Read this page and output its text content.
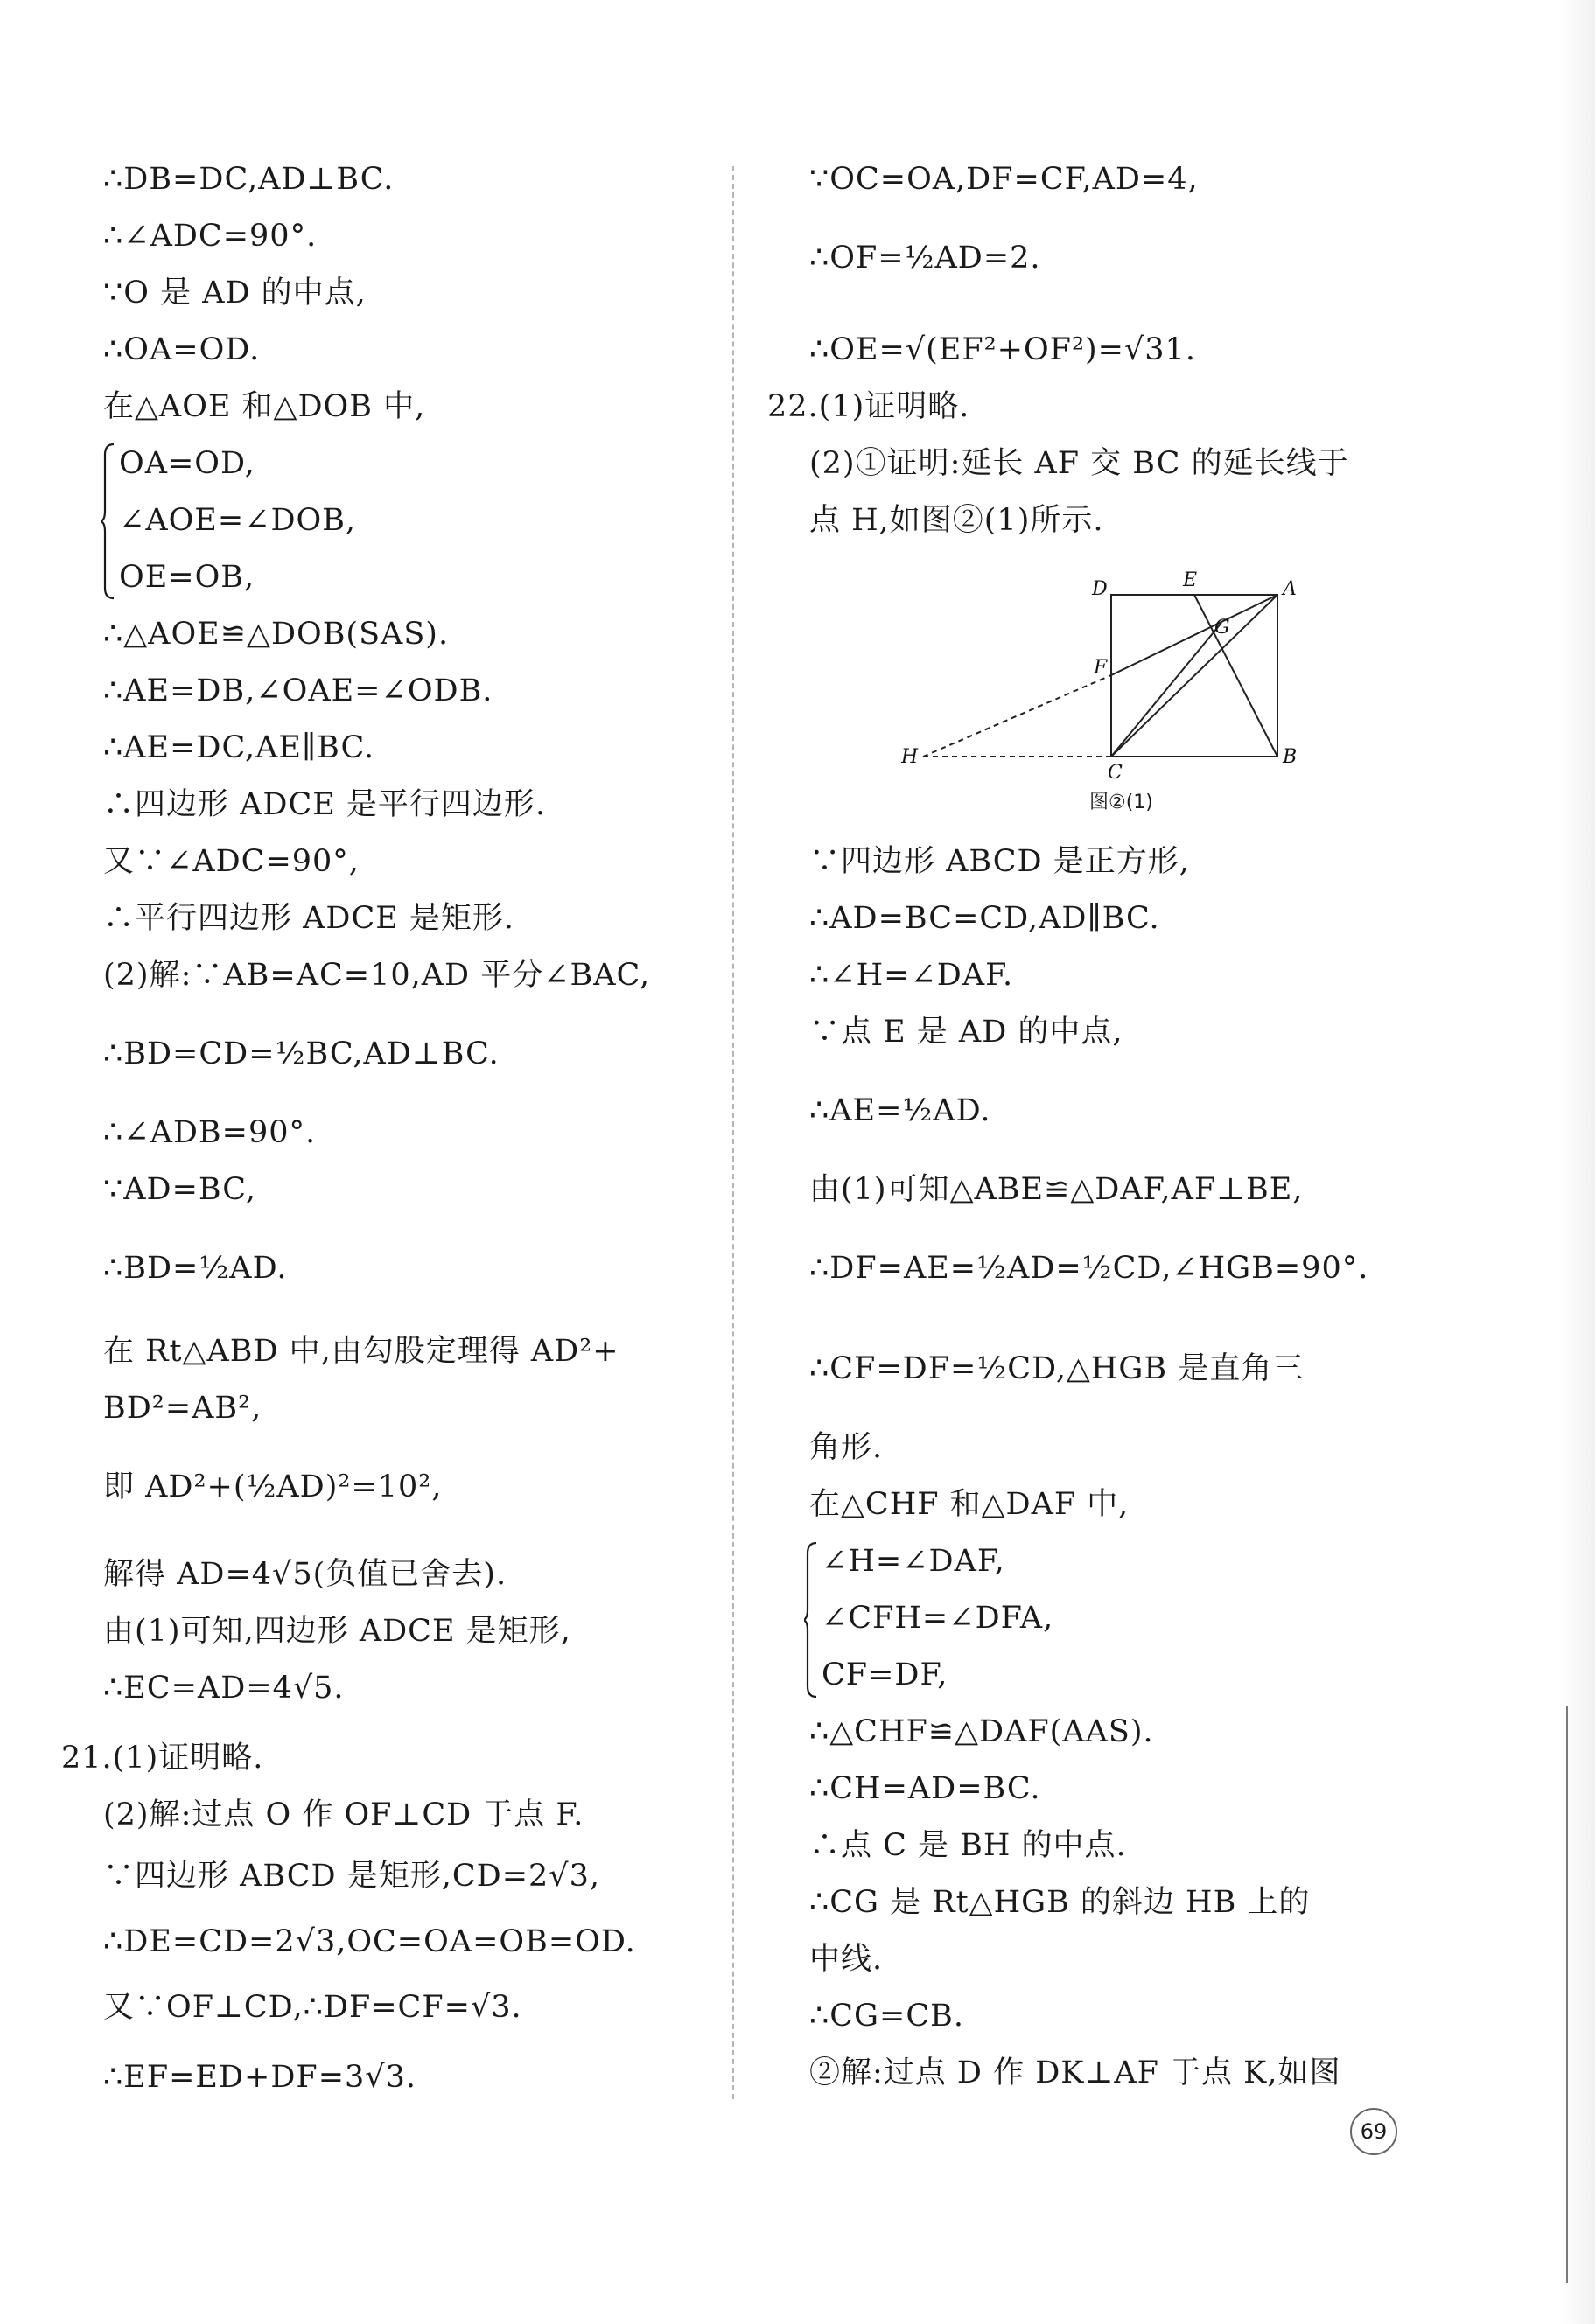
∴DB=DC,AD⊥BC.
∴∠ADC=90°.
∵O 是 AD 的中点,
∴OA=OD.
在△AOE 和△DOB 中,
OA=OD,
∠AOE=∠DOB,
OE=OB,
∴△AOE≌△DOB(SAS).
∴AE=DB,∠OAE=∠ODB.
∴AE=DC,AE∥BC.
∴四边形 ADCE 是平行四边形.
又∵∠ADC=90°,
∴平行四边形 ADCE 是矩形.
(2)解:∵AB=AC=10,AD 平分∠BAC,
∴BD=CD=½BC,AD⊥BC.
∴∠ADB=90°.
∵AD=BC,
∴BD=½AD.
在 Rt△ABD 中,由勾股定理得 AD²+
BD²=AB²,
即 AD²+(½AD)²=10²,
解得 AD=4√5(负值已舍去).
由(1)可知,四边形 ADCE 是矩形,
∴EC=AD=4√5.
21.(1)证明略.
(2)解:过点 O 作 OF⊥CD 于点 F.
∵四边形 ABCD 是矩形,CD=2√3,
∴DE=CD=2√3,OC=OA=OB=OD.
又∵OF⊥CD,∴DF=CF=√3.
∴EF=ED+DF=3√3.
∵OC=OA,DF=CF,AD=4,
∴OF=½AD=2.
∴OE=√(EF²+OF²)=√31.
22.(1)证明略.
(2)①证明:延长 AF 交 BC 的延长线于
点 H,如图②(1)所示.
D	E	A
G
F
H
C
B
图②(1)
∵四边形 ABCD 是正方形,
∴AD=BC=CD,AD∥BC.
∴∠H=∠DAF.
∵点 E 是 AD 的中点,
∴AE=½AD.
由(1)可知△ABE≌△DAF,AF⊥BE,
∴DF=AE=½AD=½CD,∠HGB=90°.
∴CF=DF=½CD,△HGB 是直角三
角形.
在△CHF 和△DAF 中,
∠H=∠DAF,
∠CFH=∠DFA,
CF=DF,
∴△CHF≌△DAF(AAS).
∴CH=AD=BC.
∴点 C 是 BH 的中点.
∴CG 是 Rt△HGB 的斜边 HB 上的
中线.
∴CG=CB.
②解:过点 D 作 DK⊥AF 于点 K,如图
69
